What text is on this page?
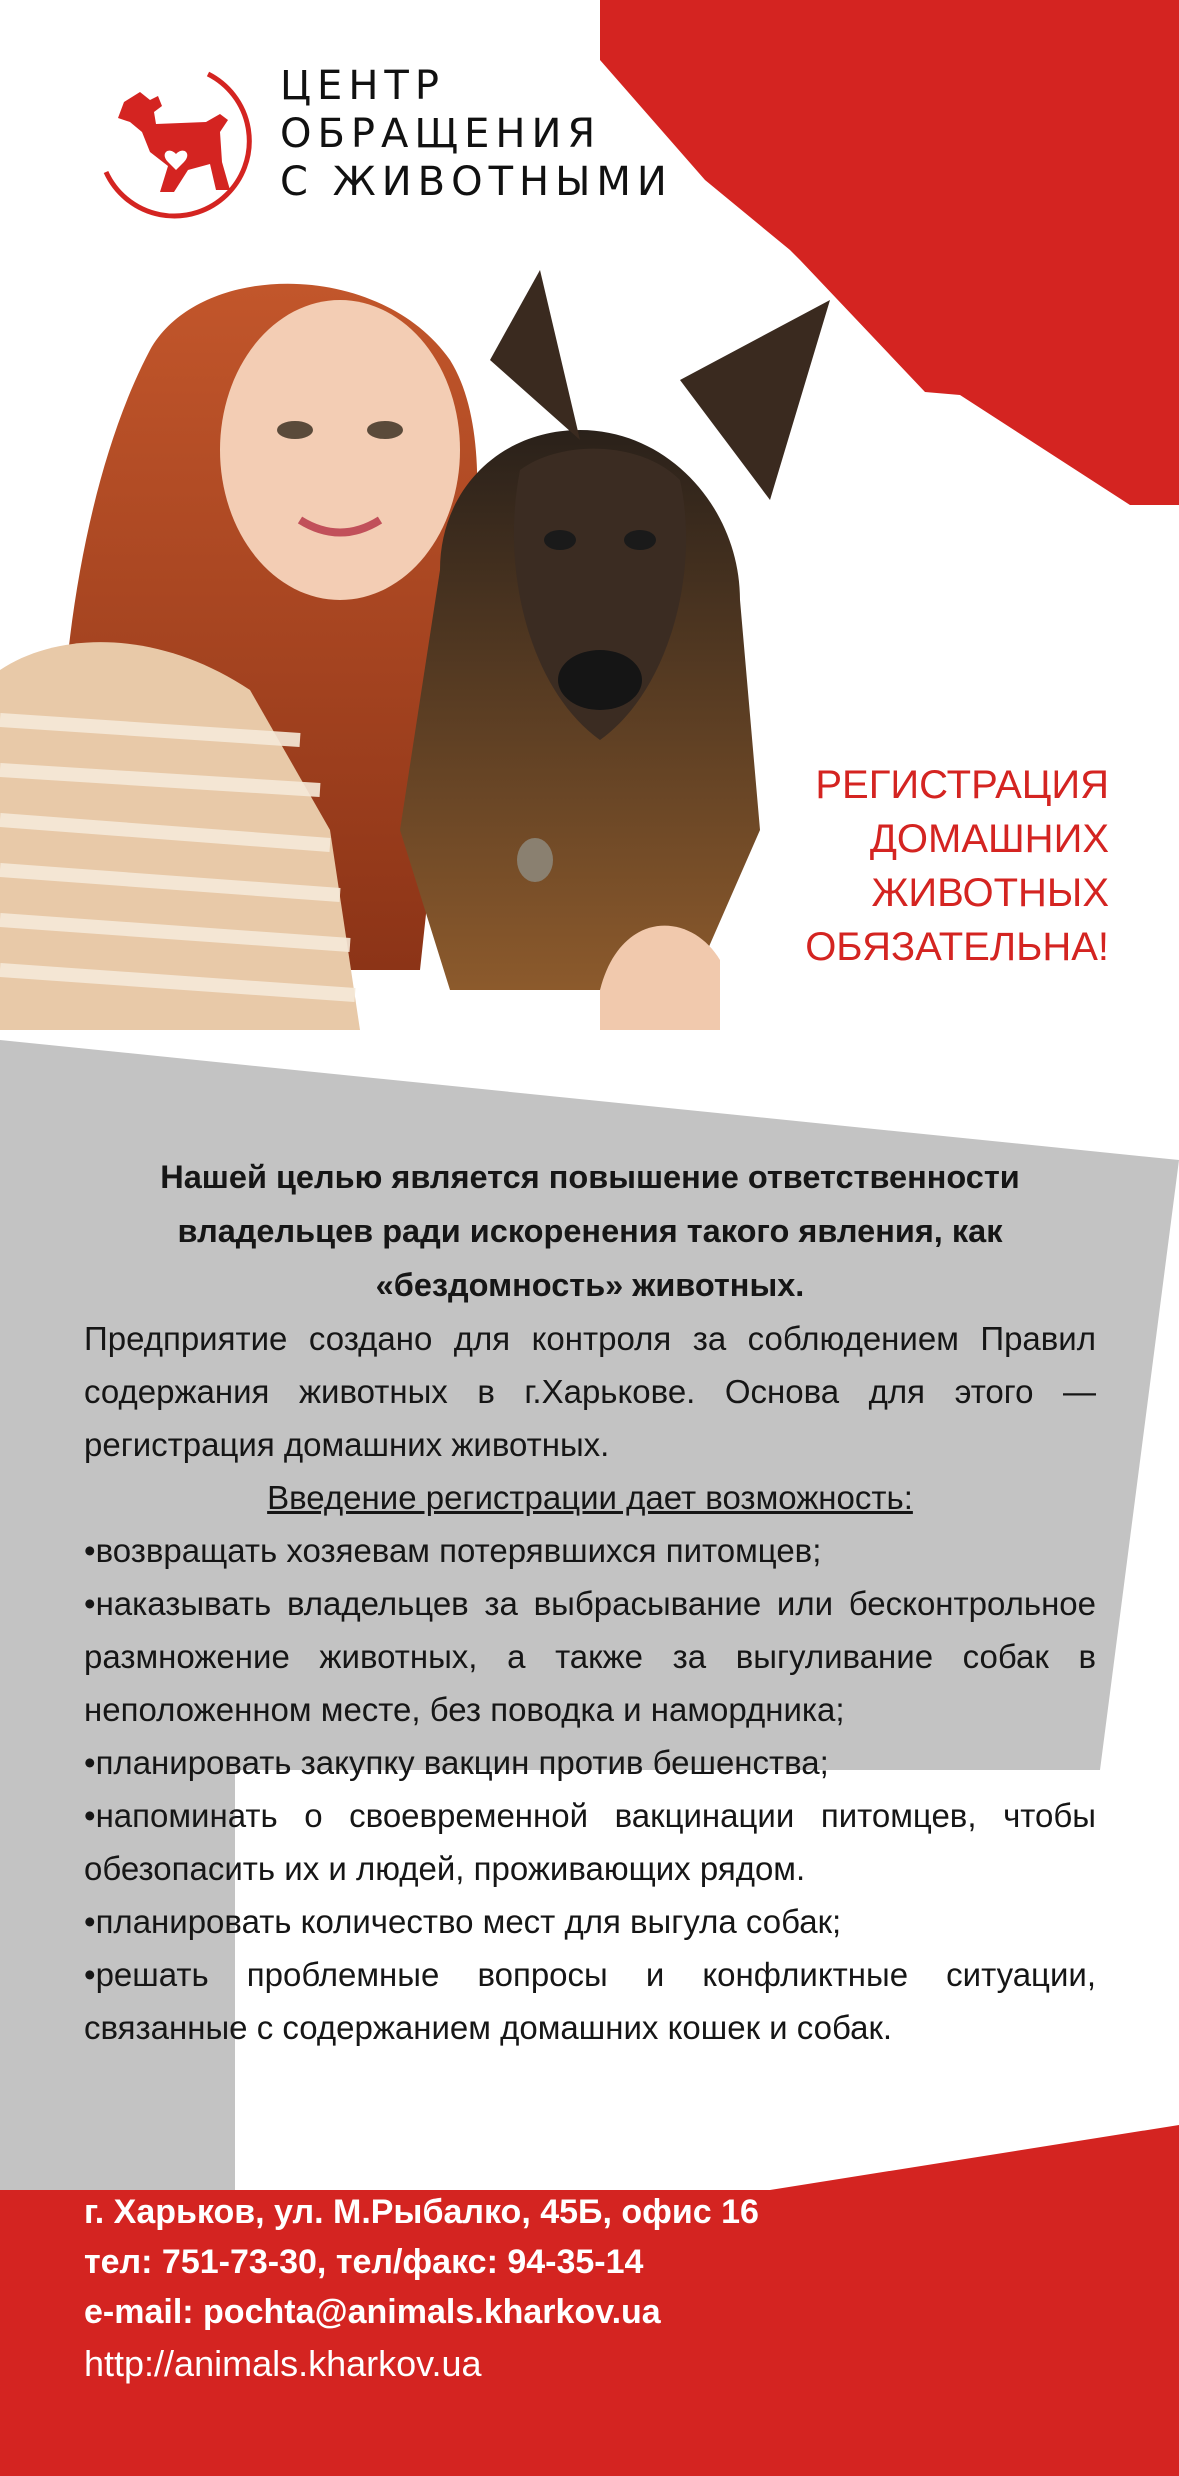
ЦЕНТР
ОБРАЩЕНИЯ
С ЖИВОТНЫМИ
РЕГИСТРАЦИЯ
ДОМАШНИХ
ЖИВОТНЫХ
ОБЯЗАТЕЛЬНА!

Нашей целью является повышение ответственности владельцев ради искоренения такого явления, как «бездомность» животных.

Предприятие создано для контроля за соблюдением Правил содержания животных в г.Харькове. Основа для этого — регистрация домашних животных.

Введение регистрации дает возможность:

• возвращать хозяевам потерявшихся питомцев;
• наказывать владельцев за выбрасывание или бесконтрольное размножение животных, а также за выгуливание собак в неположенном месте, без поводка и намордника;
• планировать закупку вакцин против бешенства;
• напоминать о своевременной вакцинации питомцев, чтобы обезопасить их и людей, проживающих рядом.
• планировать количество мест для выгула собак;
• решать проблемные вопросы и конфликтные ситуации, связанные с содержанием домашних кошек и собак.
г. Харьков, ул. М.Рыбалко, 45Б, офис 16
тел: 751-73-30, тел/факс: 94-35-14
e-mail: pochta@animals.kharkov.ua
http://animals.kharkov.ua
